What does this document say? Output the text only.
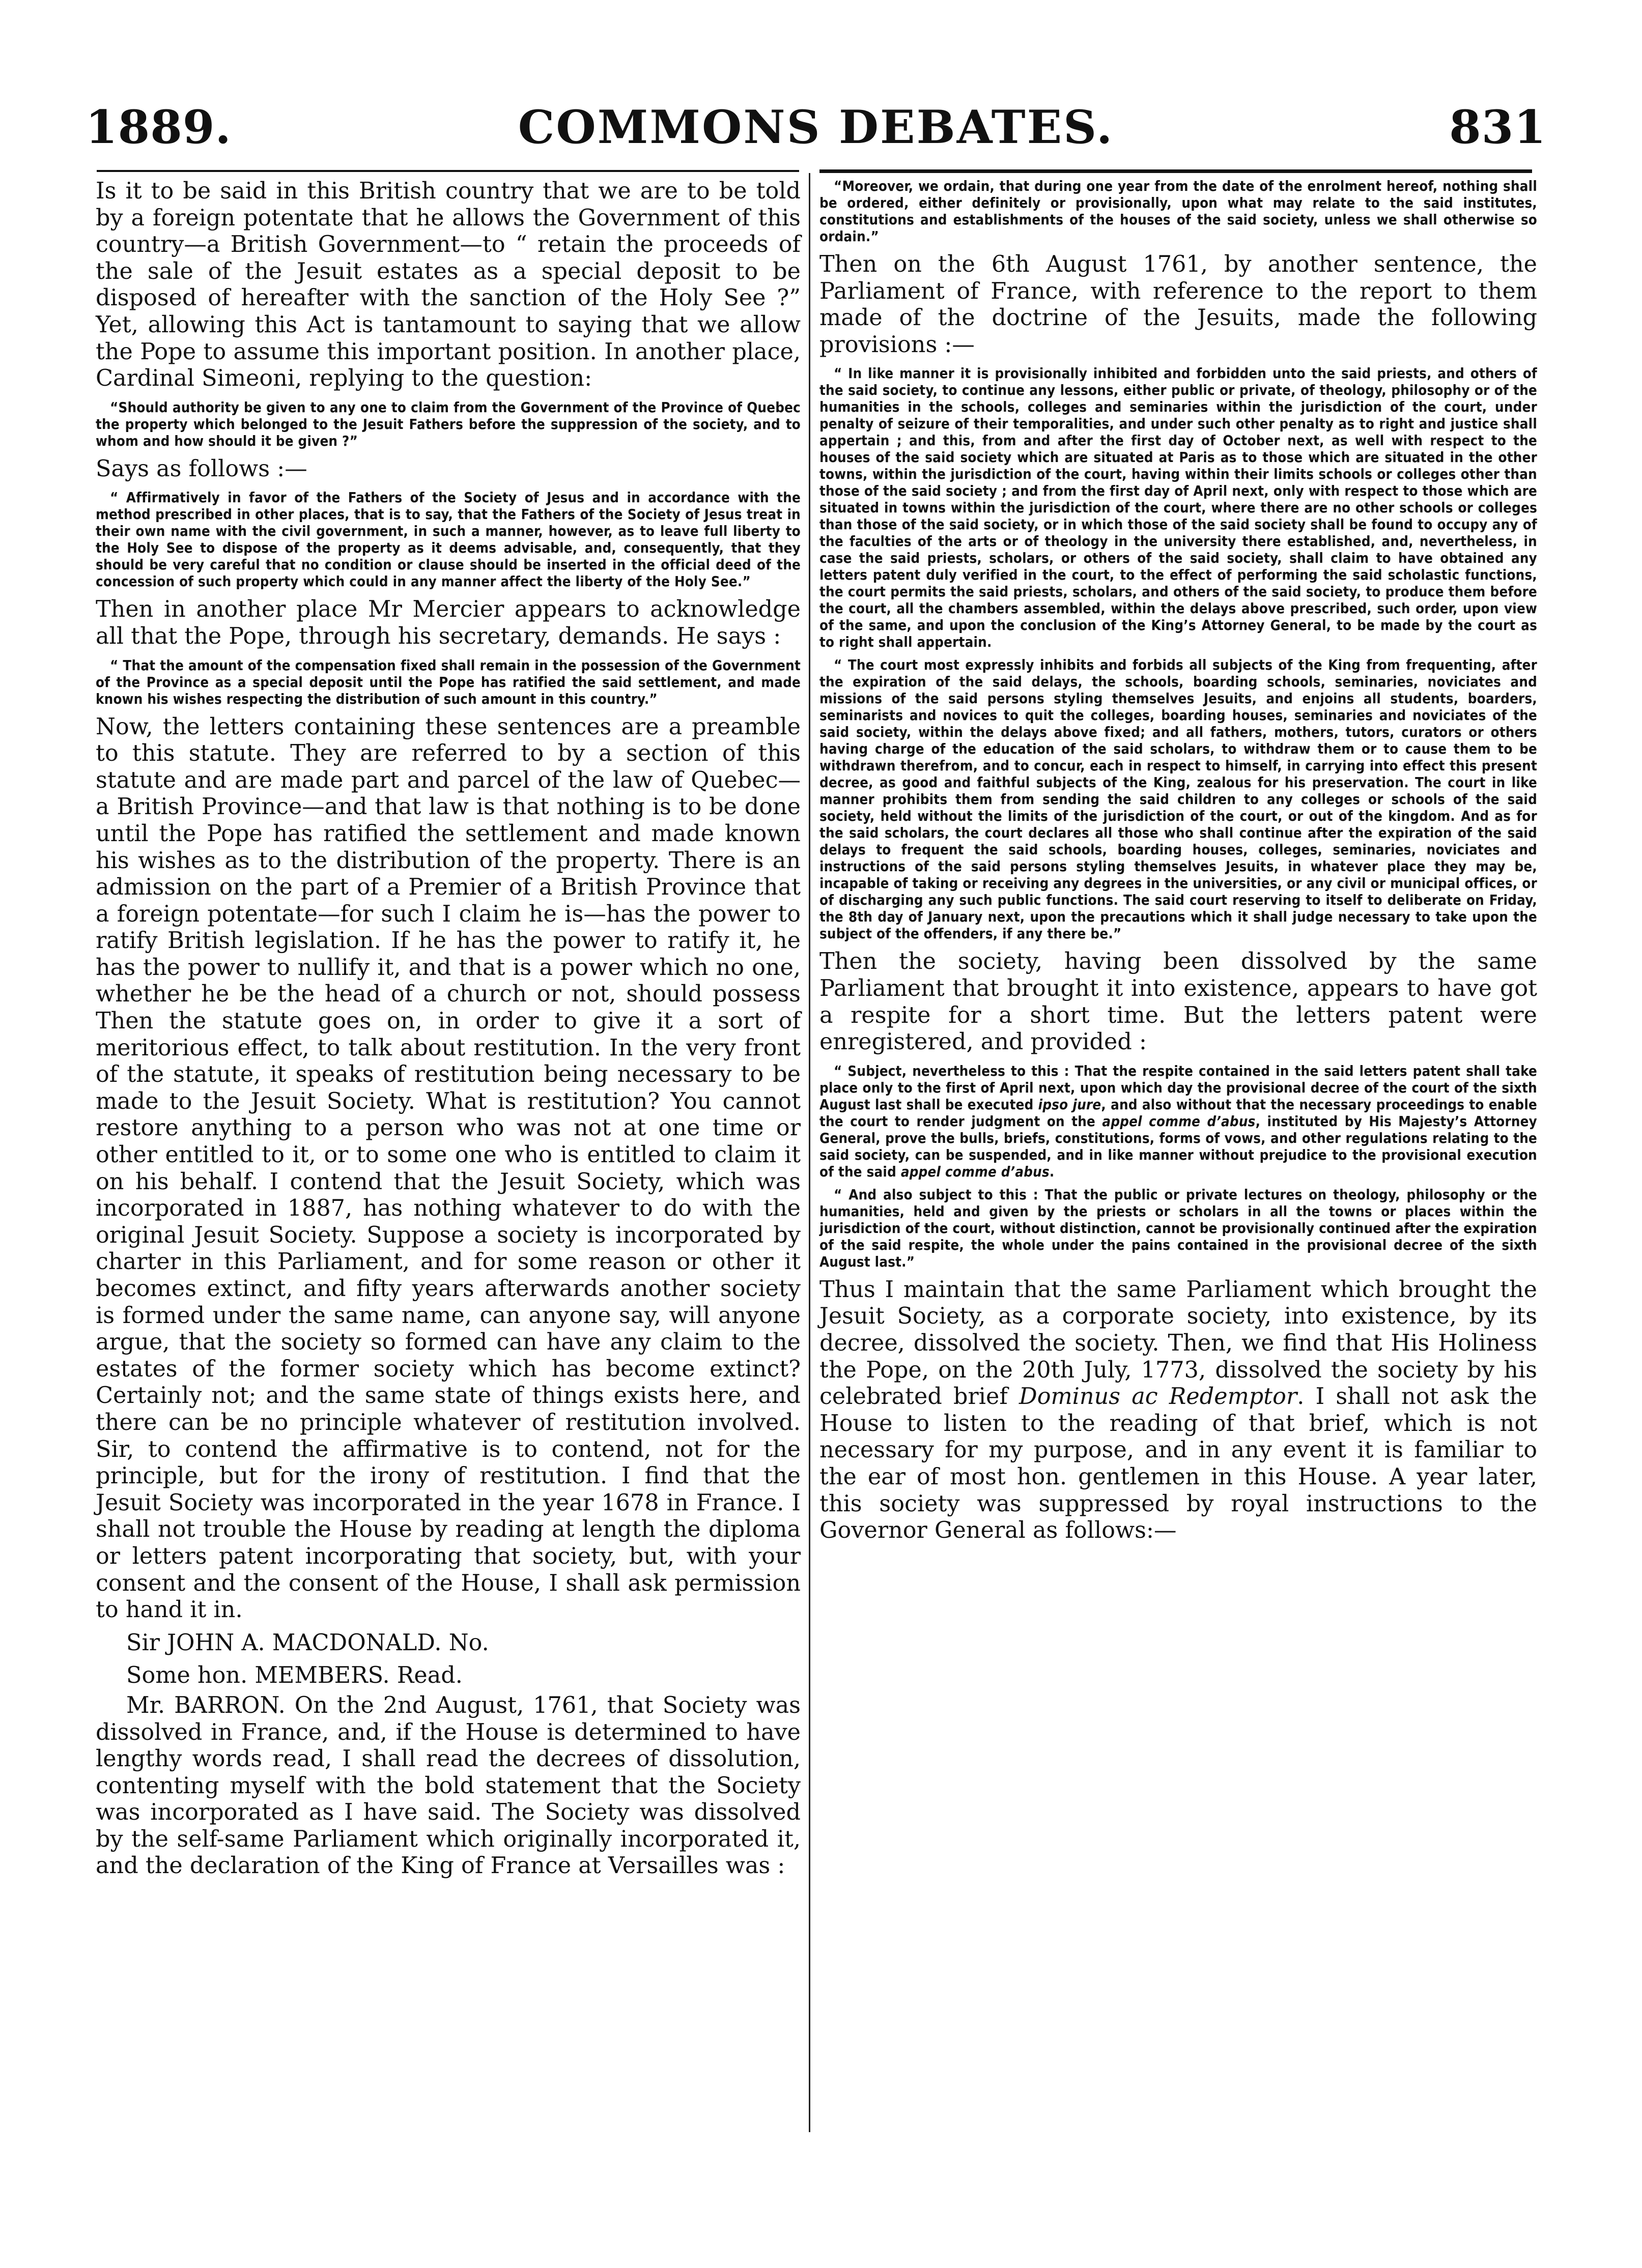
1889.	COMMONS DEBATES.	831

Is it to be said in this British country that we are to be told by a foreign potentate that he allows the Government of this country—a British Government—to “ retain the proceeds of the sale of the Jesuit estates as a special deposit to be disposed of hereafter with the sanction of the Holy See ?” Yet, allowing this Act is tantamount to saying that we allow the Pope to assume this important position. In another place, Cardinal Simeoni, replying to the question:

“Should authority be given to any one to claim from the Government of the Province of Quebec the property which belonged to the Jesuit Fathers before the suppression of the society, and to whom and how should it be given ?”

Says as follows :—

“ Affirmatively in favor of the Fathers of the Society of Jesus and in accordance with the method prescribed in other places, that is to say, that the Fathers of the Society of Jesus treat in their own name with the civil government, in such a manner, however, as to leave full liberty to the Holy See to dispose of the property as it deems advisable, and, consequently, that they should be very careful that no condition or clause should be inserted in the official deed of the concession of such property which could in any manner affect the liberty of the Holy See.”

Then in another place Mr Mercier appears to acknowledge all that the Pope, through his secretary, demands. He says :

“ That the amount of the compensation fixed shall remain in the possession of the Government of the Province as a special deposit until the Pope has ratified the said settlement, and made known his wishes respecting the distribution of such amount in this country.”

Now, the letters containing these sentences are a preamble to this statute. They are referred to by a section of this statute and are made part and parcel of the law of Quebec—a British Province—and that law is that nothing is to be done until the Pope has ratified the settlement and made known his wishes as to the distribution of the property. There is an admission on the part of a Premier of a British Province that a foreign potentate—for such I claim he is—has the power to ratify British legislation. If he has the power to ratify it, he has the power to nullify it, and that is a power which no one, whether he be the head of a church or not, should possess Then the statute goes on, in order to give it a sort of meritorious effect, to talk about restitution. In the very front of the statute, it speaks of restitution being necessary to be made to the Jesuit Society. What is restitution? You cannot restore anything to a person who was not at one time or other entitled to it, or to some one who is entitled to claim it on his behalf. I contend that the Jesuit Society, which was incorporated in 1887, has nothing whatever to do with the original Jesuit Society. Suppose a society is incorporated by charter in this Parliament, and for some reason or other it becomes extinct, and fifty years afterwards another society is formed under the same name, can anyone say, will anyone argue, that the society so formed can have any claim to the estates of the former society which has become extinct? Certainly not; and the same state of things exists here, and there can be no principle whatever of restitution involved. Sir, to contend the affirmative is to contend, not for the principle, but for the irony of restitution. I find that the Jesuit Society was incorporated in the year 1678 in France. I shall not trouble the House by reading at length the diploma or letters patent incorporating that society, but, with your consent and the consent of the House, I shall ask permission to hand it in.

Sir JOHN A. MACDONALD. No.

Some hon. MEMBERS. Read.

Mr. BARRON. On the 2nd August, 1761, that Society was dissolved in France, and, if the House is determined to have lengthy words read, I shall read the decrees of dissolution, contenting myself with the bold statement that the Society was incorporated as I have said. The Society was dissolved by the self-same Parliament which originally incorporated it, and the declaration of the King of France at Versailles was :

“Moreover, we ordain, that during one year from the date of the enrolment hereof, nothing shall be ordered, either definitely or provisionally, upon what may relate to the said institutes, constitutions and establishments of the houses of the said society, unless we shall otherwise so ordain.”

Then on the 6th August 1761, by another sentence, the Parliament of France, with reference to the report to them made of the doctrine of the Jesuits, made the following provisions :—

“ In like manner it is provisionally inhibited and forbidden unto the said priests, and others of the said society, to continue any lessons, either public or private, of theology, philosophy or of the humanities in the schools, colleges and seminaries within the jurisdiction of the court, under penalty of seizure of their temporalities, and under such other penalty as to right and justice shall appertain ; and this, from and after the first day of October next, as well with respect to the houses of the said society which are situated at Paris as to those which are situated in the other towns, within the jurisdiction of the court, having within their limits schools or colleges other than those of the said society ; and from the first day of April next, only with respect to those which are situated in towns within the jurisdiction of the court, where there are no other schools or colleges than those of the said society, or in which those of the said society shall be found to occupy any of the faculties of the arts or of theology in the university there established, and, nevertheless, in case the said priests, scholars, or others of the said society, shall claim to have obtained any letters patent duly verified in the court, to the effect of performing the said scholastic functions, the court permits the said priests, scholars, and others of the said society, to produce them before the court, all the chambers assembled, within the delays above prescribed, such order, upon view of the same, and upon the conclusion of the King’s Attorney General, to be made by the court as to right shall appertain.

“ The court most expressly inhibits and forbids all subjects of the King from frequenting, after the expiration of the said delays, the schools, boarding schools, seminaries, noviciates and missions of the said persons styling themselves Jesuits, and enjoins all students, boarders, seminarists and novices to quit the colleges, boarding houses, seminaries and noviciates of the said society, within the delays above fixed; and all fathers, mothers, tutors, curators or others having charge of the education of the said scholars, to withdraw them or to cause them to be withdrawn therefrom, and to concur, each in respect to himself, in carrying into effect this present decree, as good and faithful subjects of the King, zealous for his preservation. The court in like manner prohibits them from sending the said children to any colleges or schools of the said society, held without the limits of the jurisdiction of the court, or out of the kingdom. And as for the said scholars, the court declares all those who shall continue after the expiration of the said delays to frequent the said schools, boarding houses, colleges, seminaries, noviciates and instructions of the said persons styling themselves Jesuits, in whatever place they may be, incapable of taking or receiving any degrees in the universities, or any civil or municipal offices, or of discharging any such public functions. The said court reserving to itself to deliberate on Friday, the 8th day of January next, upon the precautions which it shall judge necessary to take upon the subject of the offenders, if any there be.”

Then the society, having been dissolved by the same Parliament that brought it into existence, appears to have got a respite for a short time. But the letters patent were enregistered, and provided :

“ Subject, nevertheless to this : That the respite contained in the said letters patent shall take place only to the first of April next, upon which day the provisional decree of the court of the sixth August last shall be executed ipso jure, and also without that the necessary proceedings to enable the court to render judgment on the appel comme d’abus, instituted by His Majesty’s Attorney General, prove the bulls, briefs, constitutions, forms of vows, and other regulations relating to the said society, can be suspended, and in like manner without prejudice to the provisional execution of the said appel comme d’abus.

“ And also subject to this : That the public or private lectures on theology, philosophy or the humanities, held and given by the priests or scholars in all the towns or places within the jurisdiction of the court, without distinction, cannot be provisionally continued after the expiration of the said respite, the whole under the pains contained in the provisional decree of the sixth August last.”

Thus I maintain that the same Parliament which brought the Jesuit Society, as a corporate society, into existence, by its decree, dissolved the society. Then, we find that His Holiness the Pope, on the 20th July, 1773, dissolved the society by his celebrated brief Dominus ac Redemptor. I shall not ask the House to listen to the reading of that brief, which is not necessary for my purpose, and in any event it is familiar to the ear of most hon. gentlemen in this House. A year later, this society was suppressed by royal instructions to the Governor General as follows:—
